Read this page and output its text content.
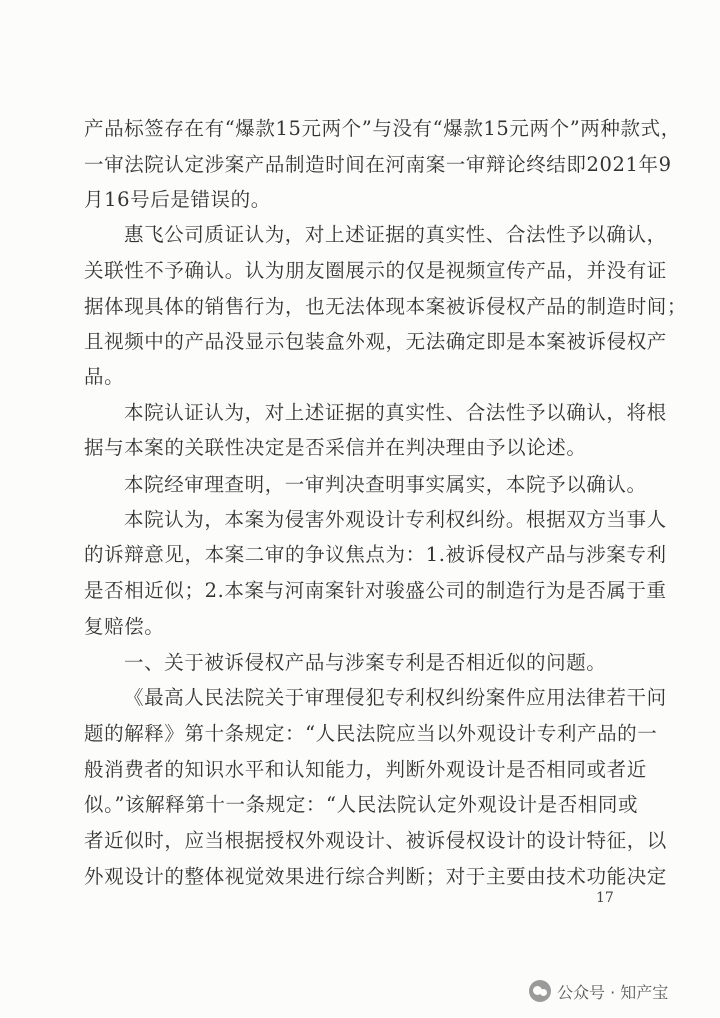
产品标签存在有“爆款15元两个”与没有“爆款15元两个”两种款式，
一审法院认定涉案产品制造时间在河南案一审辩论终结即2021年9
月16号后是错误的。
惠飞公司质证认为，对上述证据的真实性、合法性予以确认，
关联性不予确认。认为朋友圈展示的仅是视频宣传产品，并没有证
据体现具体的销售行为，也无法体现本案被诉侵权产品的制造时间；
且视频中的产品没显示包装盒外观，无法确定即是本案被诉侵权产
品。
本院认证认为，对上述证据的真实性、合法性予以确认，将根
据与本案的关联性决定是否采信并在判决理由予以论述。
本院经审理查明，一审判决查明事实属实，本院予以确认。
本院认为，本案为侵害外观设计专利权纠纷。根据双方当事人
的诉辩意见，本案二审的争议焦点为：1.被诉侵权产品与涉案专利
是否相近似；2.本案与河南案针对骏盛公司的制造行为是否属于重
复赔偿。
一、关于被诉侵权产品与涉案专利是否相近似的问题。
《最高人民法院关于审理侵犯专利权纠纷案件应用法律若干问
题的解释》第十条规定：“人民法院应当以外观设计专利产品的一
般消费者的知识水平和认知能力，判断外观设计是否相同或者近
似。”该解释第十一条规定：“人民法院认定外观设计是否相同或
者近似时，应当根据授权外观设计、被诉侵权设计的设计特征，以
外观设计的整体视觉效果进行综合判断；对于主要由技术功能决定
17
公众号 · 知产宝
